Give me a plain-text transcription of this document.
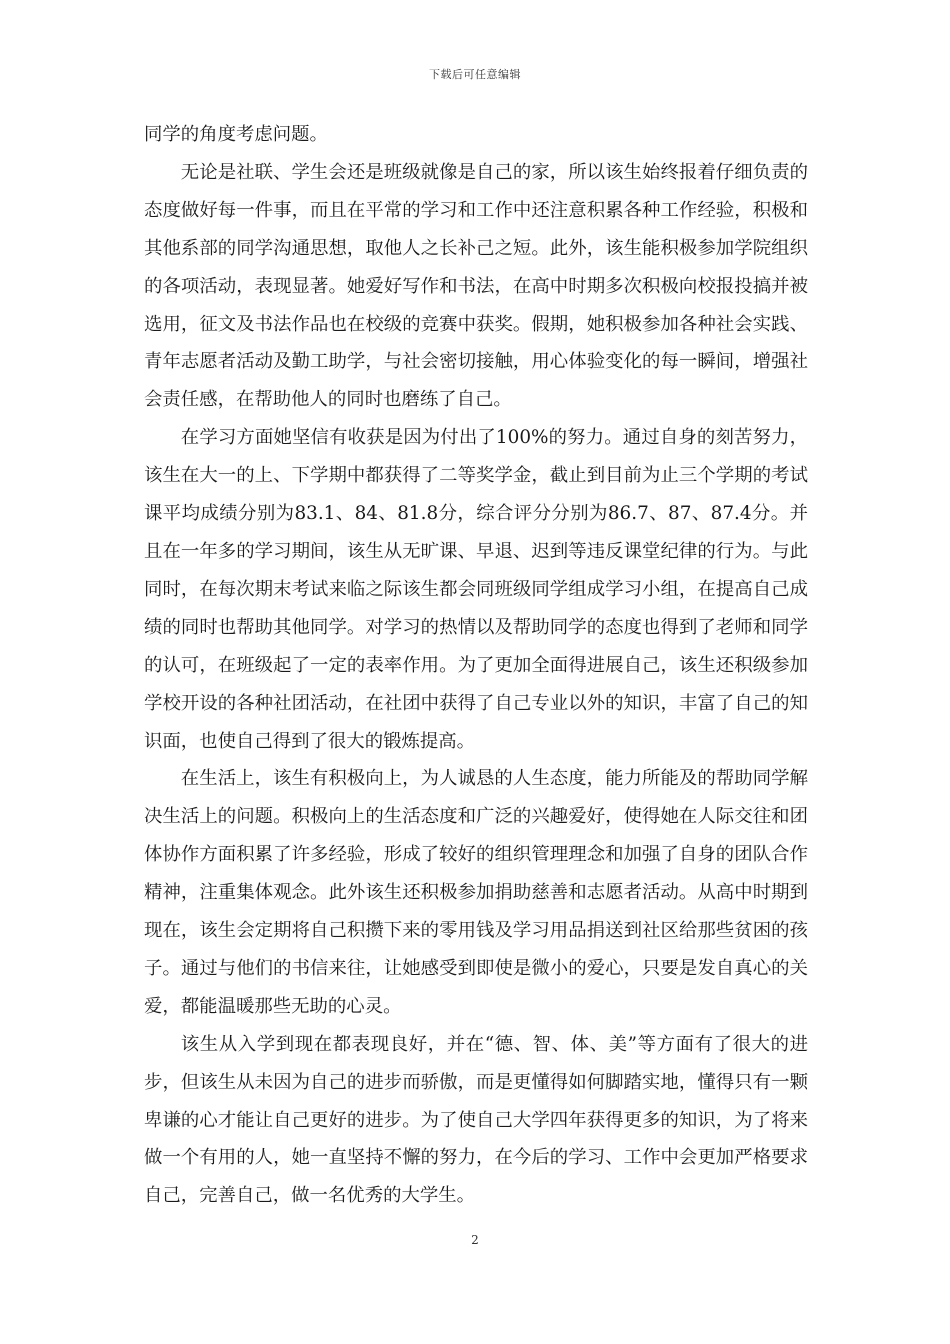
下载后可任意编辑

同学的角度考虑问题。

无论是社联、学生会还是班级就像是自己的家，所以该生始终报着仔细负责的态度做好每一件事，而且在平常的学习和工作中还注意积累各种工作经验，积极和其他系部的同学沟通思想，取他人之长补己之短。此外，该生能积极参加学院组织的各项活动，表现显著。她爱好写作和书法，在高中时期多次积极向校报投搞并被选用，征文及书法作品也在校级的竞赛中获奖。假期，她积极参加各种社会实践、青年志愿者活动及勤工助学，与社会密切接触，用心体验变化的每一瞬间，增强社会责任感，在帮助他人的同时也磨练了自己。

在学习方面她坚信有收获是因为付出了100%的努力。通过自身的刻苦努力，该生在大一的上、下学期中都获得了二等奖学金，截止到目前为止三个学期的考试课平均成绩分别为83.1、84、81.8分，综合评分分别为86.7、87、87.4分。并且在一年多的学习期间，该生从无旷课、早退、迟到等违反课堂纪律的行为。与此同时，在每次期末考试来临之际该生都会同班级同学组成学习小组，在提高自己成绩的同时也帮助其他同学。对学习的热情以及帮助同学的态度也得到了老师和同学的认可，在班级起了一定的表率作用。为了更加全面得进展自己，该生还积级参加学校开设的各种社团活动，在社团中获得了自己专业以外的知识，丰富了自己的知识面，也使自己得到了很大的锻炼提高。

在生活上，该生有积极向上，为人诚恳的人生态度，能力所能及的帮助同学解决生活上的问题。积极向上的生活态度和广泛的兴趣爱好，使得她在人际交往和团体协作方面积累了许多经验，形成了较好的组织管理理念和加强了自身的团队合作精神，注重集体观念。此外该生还积极参加捐助慈善和志愿者活动。从高中时期到现在，该生会定期将自己积攒下来的零用钱及学习用品捐送到社区给那些贫困的孩子。通过与他们的书信来往，让她感受到即使是微小的爱心，只要是发自真心的关爱，都能温暖那些无助的心灵。

该生从入学到现在都表现良好，并在“德、智、体、美”等方面有了很大的进步，但该生从未因为自己的进步而骄傲，而是更懂得如何脚踏实地，懂得只有一颗卑谦的心才能让自己更好的进步。为了使自己大学四年获得更多的知识，为了将来做一个有用的人，她一直坚持不懈的努力，在今后的学习、工作中会更加严格要求自己，完善自己，做一名优秀的大学生。

2
